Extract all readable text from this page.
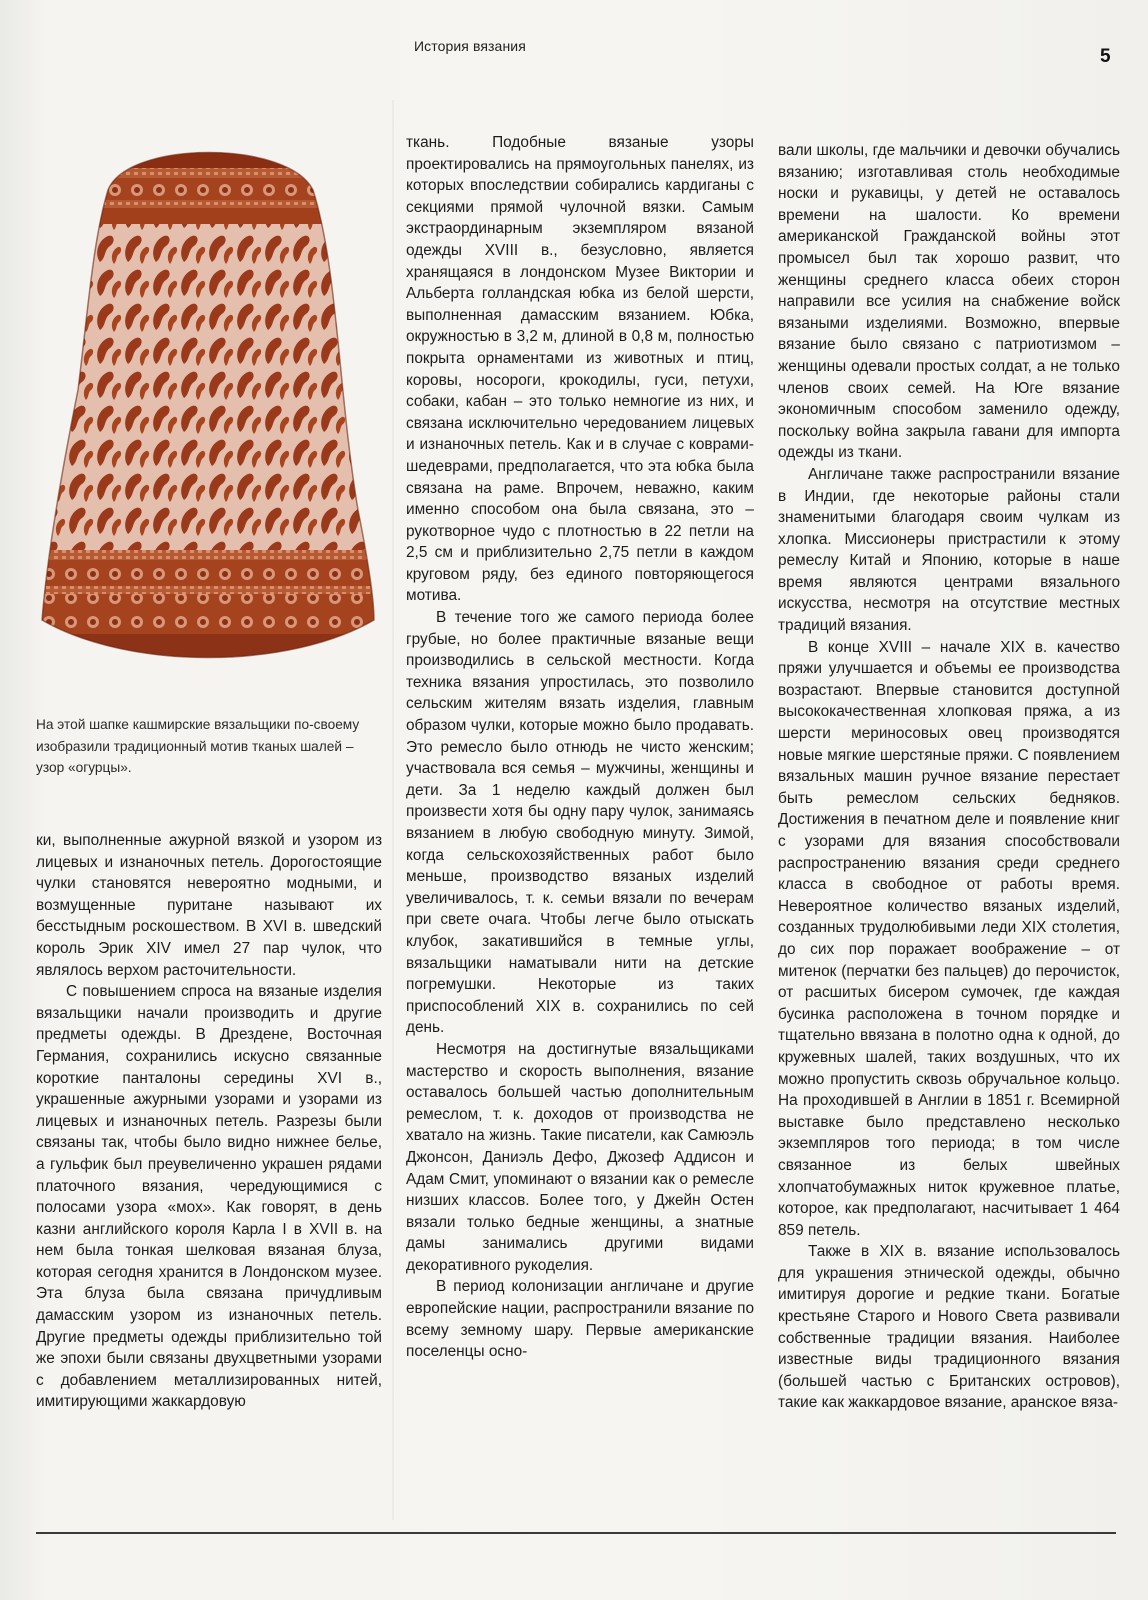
История вязания	5
На этой шапке кашмирские вязальщики по-своему изобразили традиционный мотив тканых шалей – узор «огурцы».

ки, выполненные ажурной вязкой и узором из лицевых и изнаночных петель. Дорогостоящие чулки становятся невероятно модными, и возмущенные пуритане называют их бесстыдным роскошеством. В XVI в. шведский король Эрик XIV имел 27 пар чулок, что являлось верхом расточительности.

С повышением спроса на вязаные изделия вязальщики начали производить и другие предметы одежды. В Дрездене, Восточная Германия, сохранились искусно связанные короткие панталоны середины XVI в., украшенные ажурными узорами и узорами из лицевых и изнаночных петель. Разрезы были связаны так, чтобы было видно нижнее белье, а гульфик был преувеличенно украшен рядами платочного вязания, чередующимися с полосами узора «мох». Как говорят, в день казни английского короля Карла I в XVII в. на нем была тонкая шелковая вязаная блуза, которая сегодня хранится в Лондонском музее. Эта блуза была связана причудливым дамасским узором из изнаночных петель. Другие предметы одежды приблизительно той же эпохи были связаны двухцветными узорами с добавлением металлизированных нитей, имитирующими жаккардовую

ткань. Подобные вязаные узоры проектировались на прямоугольных панелях, из которых впоследствии собирались кардиганы с секциями прямой чулочной вязки. Самым экстраординарным экземпляром вязаной одежды XVIII в., безусловно, является хранящаяся в лондонском Музее Виктории и Альберта голландская юбка из белой шерсти, выполненная дамасским вязанием. Юбка, окружностью в 3,2 м, длиной в 0,8 м, полностью покрыта орнаментами из животных и птиц, коровы, носороги, крокодилы, гуси, петухи, собаки, кабан – это только немногие из них, и связана исключительно чередованием лицевых и изнаночных петель. Как и в случае с коврами-шедеврами, предполагается, что эта юбка была связана на раме. Впрочем, неважно, каким именно способом она была связана, это – рукотворное чудо с плотностью в 22 петли на 2,5 см и приблизительно 2,75 петли в каждом круговом ряду, без единого повторяющегося мотива.

В течение того же самого периода более грубые, но более практичные вязаные вещи производились в сельской местности. Когда техника вязания упростилась, это позволило сельским жителям вязать изделия, главным образом чулки, которые можно было продавать. Это ремесло было отнюдь не чисто женским; участвовала вся семья – мужчины, женщины и дети. За 1 неделю каждый должен был произвести хотя бы одну пару чулок, занимаясь вязанием в любую свободную минуту. Зимой, когда сельскохозяйственных работ было меньше, производство вязаных изделий увеличивалось, т. к. семьи вязали по вечерам при свете очага. Чтобы легче было отыскать клубок, закатившийся в темные углы, вязальщики наматывали нити на детские погремушки. Некоторые из таких приспособлений XIX в. сохранились по сей день.

Несмотря на достигнутые вязальщиками мастерство и скорость выполнения, вязание оставалось большей частью дополнительным ремеслом, т. к. доходов от производства не хватало на жизнь. Такие писатели, как Самюэль Джонсон, Даниэль Дефо, Джозеф Аддисон и Адам Смит, упоминают о вязании как о ремесле низших классов. Более того, у Джейн Остен вязали только бедные женщины, а знатные дамы занимались другими видами декоративного рукоделия.

В период колонизации англичане и другие европейские нации, распространили вязание по всему земному шару. Первые американские поселенцы осно-

вали школы, где мальчики и девочки обучались вязанию; изготавливая столь необходимые носки и рукавицы, у детей не оставалось времени на шалости. Ко времени американской Гражданской войны этот промысел был так хорошо развит, что женщины среднего класса обеих сторон направили все усилия на снабжение войск вязаными изделиями. Возможно, впервые вязание было связано с патриотизмом – женщины одевали простых солдат, а не только членов своих семей. На Юге вязание экономичным способом заменило одежду, поскольку война закрыла гавани для импорта одежды из ткани.

Англичане также распространили вязание в Индии, где некоторые районы стали знаменитыми благодаря своим чулкам из хлопка. Миссионеры пристрастили к этому ремеслу Китай и Японию, которые в наше время являются центрами вязального искусства, несмотря на отсутствие местных традиций вязания.

В конце XVIII – начале XIX в. качество пряжи улучшается и объемы ее производства возрастают. Впервые становится доступной высококачественная хлопковая пряжа, а из шерсти мериносовых овец производятся новые мягкие шерстяные пряжи. С появлением вязальных машин ручное вязание перестает быть ремеслом сельских бедняков. Достижения в печатном деле и появление книг с узорами для вязания способствовали распространению вязания среди среднего класса в свободное от работы время. Невероятное количество вязаных изделий, созданных трудолюбивыми леди XIX столетия, до сих пор поражает воображение – от митенок (перчатки без пальцев) до перочисток, от расшитых бисером сумочек, где каждая бусинка расположена в точном порядке и тщательно ввязана в полотно одна к одной, до кружевных шалей, таких воздушных, что их можно пропустить сквозь обручальное кольцо. На проходившей в Англии в 1851 г. Всемирной выставке было представлено несколько экземпляров того периода; в том числе связанное из белых швейных хлопчатобумажных ниток кружевное платье, которое, как предполагают, насчитывает 1 464 859 петель.

Также в XIX в. вязание использовалось для украшения этнической одежды, обычно имитируя дорогие и редкие ткани. Богатые крестьяне Старого и Нового Света развивали собственные традиции вязания. Наиболее известные виды традиционного вязания (большей частью с Британских островов), такие как жаккардовое вязание, аранское вяза-
